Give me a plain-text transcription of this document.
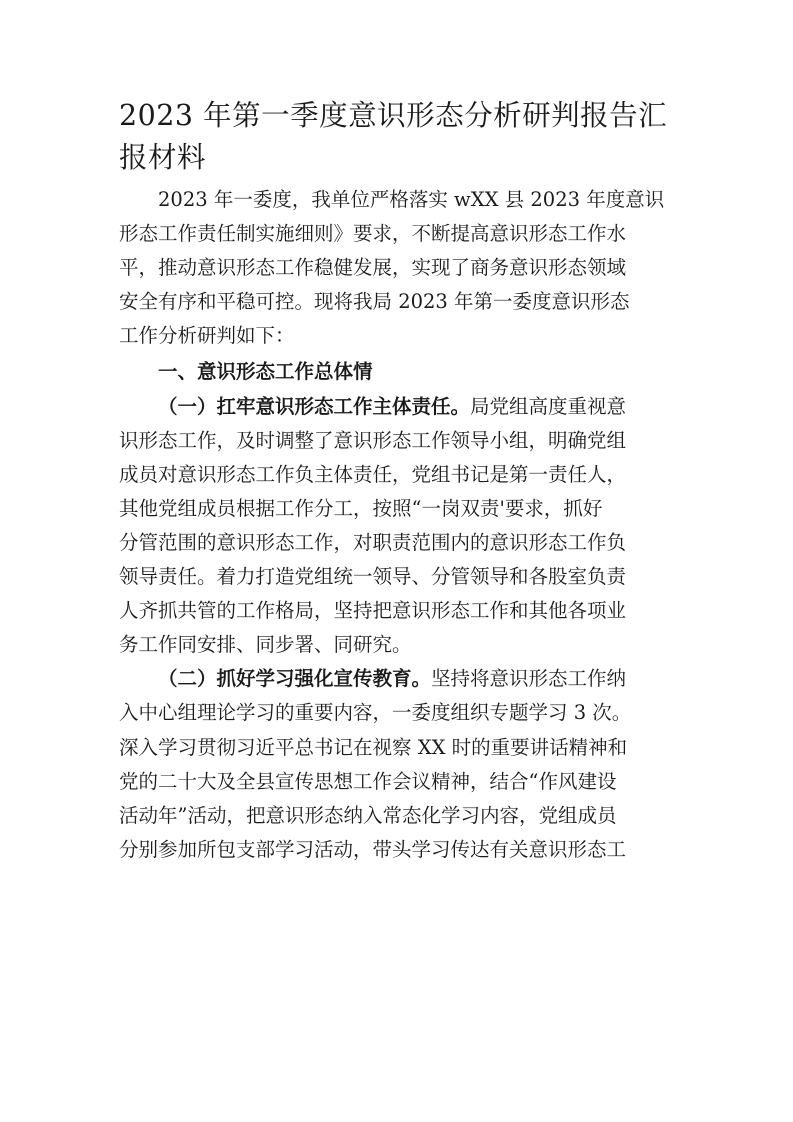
2023 年第一季度意识形态分析研判报告汇
报材料

2023 年一委度，我单位严格落实 wXX 县 2023 年度意识
形态工作责任制实施细则》要求，不断提高意识形态工作水
平，推动意识形态工作稳健发展，实现了商务意识形态领域
安全有序和平稳可控。现将我局 2023 年第一委度意识形态
工作分析研判如下：

一、意识形态工作总体情

（一）扛牢意识形态工作主体责任。局党组高度重视意
识形态工作，及时调整了意识形态工作领导小组，明确党组
成员对意识形态工作负主体责任，党组书记是第一责任人，
其他党组成员根据工作分工，按照“一岗双责'要求，抓好
分管范围的意识形态工作，对职责范围内的意识形态工作负
领导责任。着力打造党组统一领导、分管领导和各股室负责
人齐抓共管的工作格局，坚持把意识形态工作和其他各项业
务工作同安排、同步署、同研究。

（二）抓好学习强化宣传教育。坚持将意识形态工作纳
入中心组理论学习的重要内容，一委度组织专题学习 3 次。
深入学习贯彻习近平总书记在视察 XX 时的重要讲话精神和
党的二十大及全县宣传思想工作会议精神，结合“作风建设
活动年”活动，把意识形态纳入常态化学习内容，党组成员
分别参加所包支部学习活动，带头学习传达有关意识形态工
